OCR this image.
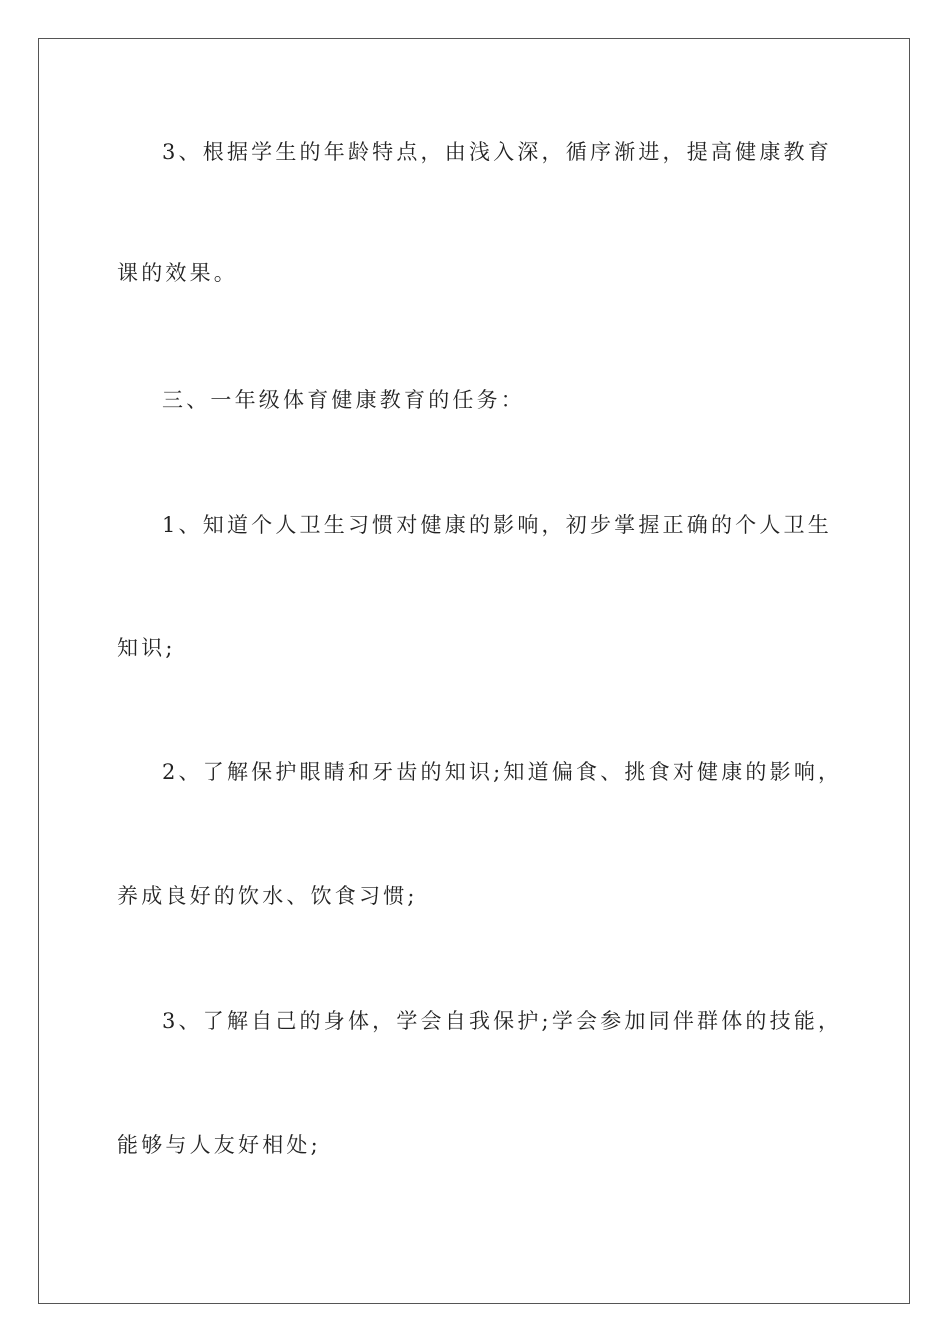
3、根据学生的年龄特点，由浅入深，循序渐进，提高健康教育
课的效果。
三、一年级体育健康教育的任务：
1、知道个人卫生习惯对健康的影响，初步掌握正确的个人卫生
知识;
2、了解保护眼睛和牙齿的知识;知道偏食、挑食对健康的影响，
养成良好的饮水、饮食习惯;
3、了解自己的身体，学会自我保护;学会参加同伴群体的技能，
能够与人友好相处;
